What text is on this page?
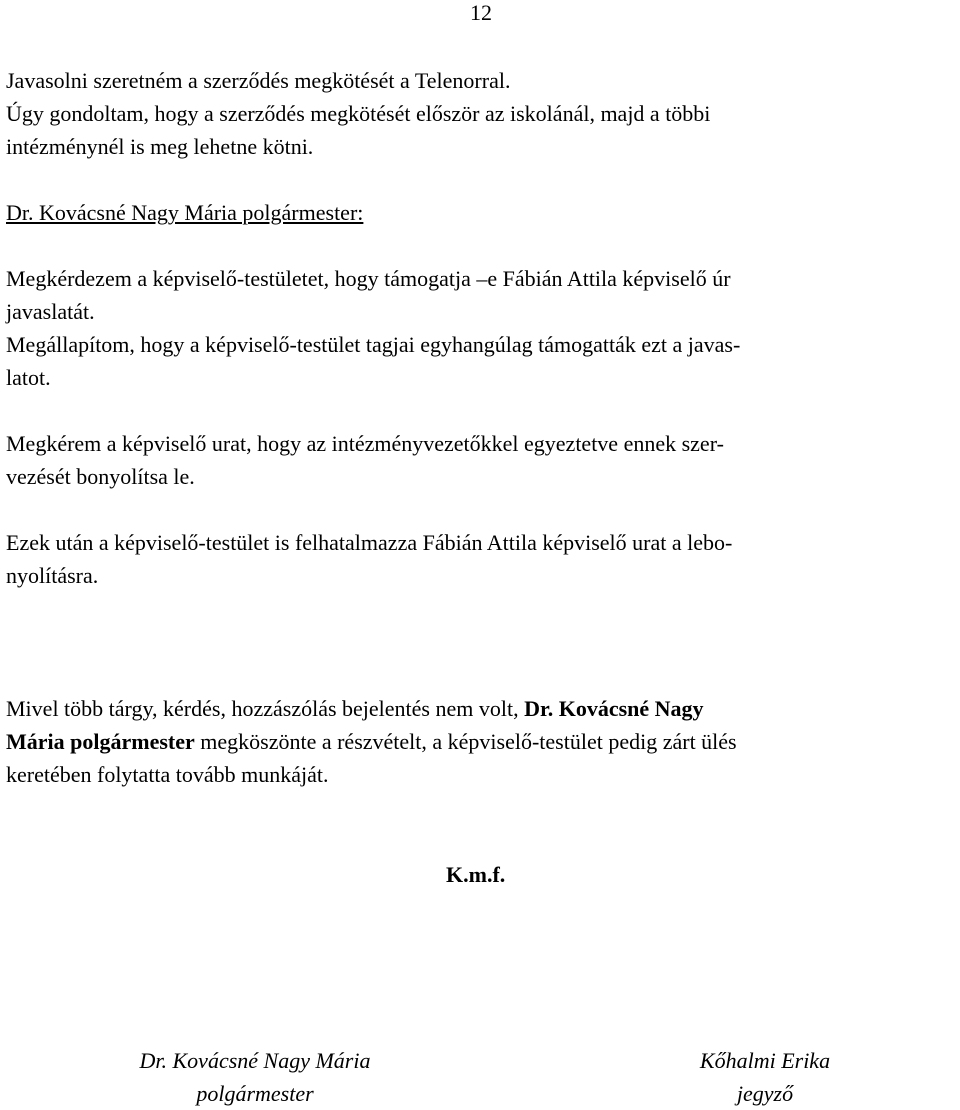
12
Javasolni szeretném a szerződés megkötését a Telenorral.
Úgy gondoltam, hogy a szerződés megkötését először az iskolánál, majd a többi
intézménynél is meg lehetne kötni.
Dr. Kovácsné Nagy Mária polgármester:
Megkérdezem a képviselő-testületet, hogy támogatja –e Fábián Attila képviselő úr
javaslatát.
Megállapítom, hogy a képviselő-testület tagjai egyhangúlag támogatták ezt a javas-
latot.
Megkérem a képviselő urat, hogy az intézményvezetőkkel egyeztetve ennek szer-
vezését bonyolítsa le.
Ezek után a képviselő-testület is felhatalmazza Fábián Attila képviselő urat a lebo-
nyolításra.
Mivel több tárgy, kérdés, hozzászólás bejelentés nem volt, Dr. Kovácsné Nagy
Mária polgármester megköszönte a részvételt, a képviselő-testület pedig zárt ülés
keretében folytatta tovább munkáját.
K.m.f.
Dr. Kovácsné Nagy Mária
polgármester
Kőhalmi Erika
jegyző
